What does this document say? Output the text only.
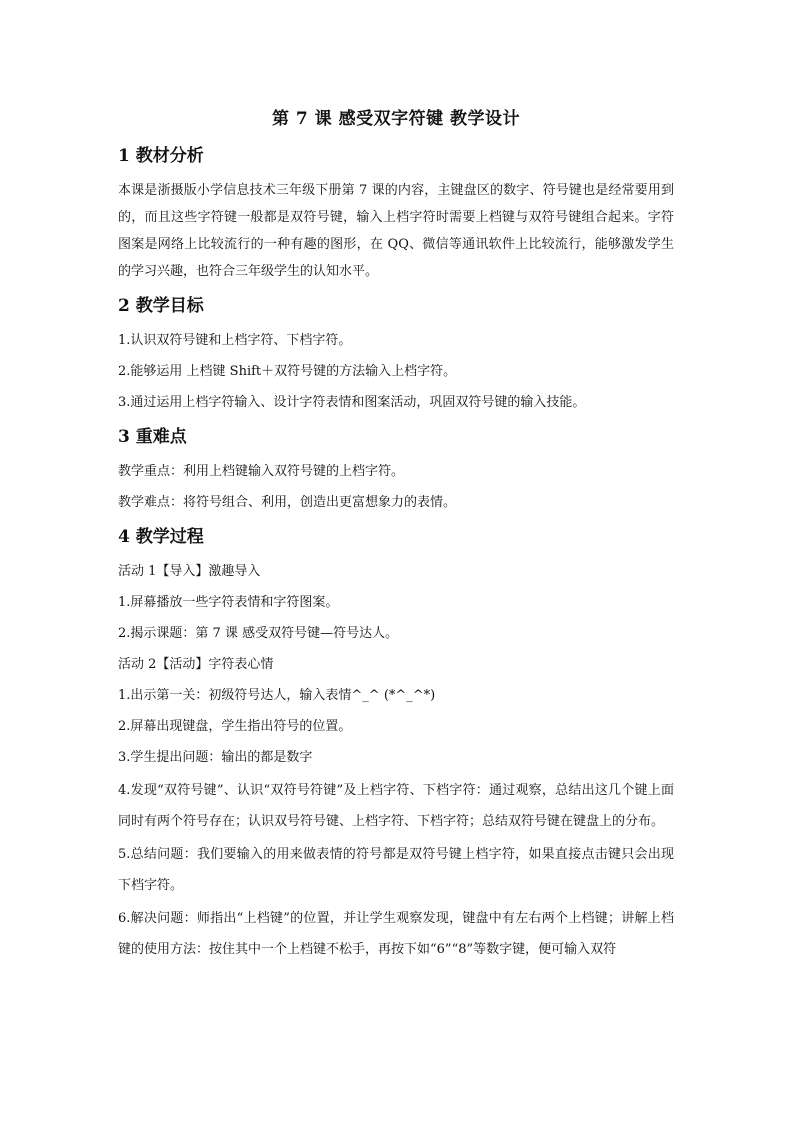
第 7 课 感受双字符键 教学设计
1 教材分析

本课是浙摄版小学信息技术三年级下册第 7 课的内容，主键盘区的数字、符号键也是经常要用到的，而且这些字符键一般都是双符号键，输入上档字符时需要上档键与双符号键组合起来。字符图案是网络上比较流行的一种有趣的图形，在 QQ、微信等通讯软件上比较流行，能够激发学生的学习兴趣，也符合三年级学生的认知水平。

2 教学目标
1.认识双符号键和上档字符、下档字符。
2.能够运用 上档键 Shift＋双符号键的方法输入上档字符。
3.通过运用上档字符输入、设计字符表情和图案活动，巩固双符号键的输入技能。
3 重难点
教学重点：利用上档键输入双符号键的上档字符。
教学难点：将符号组合、利用，创造出更富想象力的表情。
4 教学过程
活动 1【导入】激趣导入
1.屏幕播放一些字符表情和字符图案。
2.揭示课题：第 7 课 感受双符号键—符号达人。
活动 2【活动】字符表心情
1.出示第一关：初级符号达人，输入表情^_^ (*^_^*)
2.屏幕出现键盘，学生指出符号的位置。
3.学生提出问题：输出的都是数字

4.发现“双符号键”、认识“双符号符键”及上档字符、下档字符：通过观察，总结出这几个键上面同时有两个符号存在；认识双号符号键、上档字符、下档字符；总结双符号键在键盘上的分布。

5.总结问题：我们要输入的用来做表情的符号都是双符号键上档字符，如果直接点击键只会出现下档字符。

6.解决问题：师指出“上档键”的位置，并让学生观察发现，键盘中有左右两个上档键；讲解上档键的使用方法：按住其中一个上档键不松手，再按下如“6”“8”等数字键，便可输入双符
